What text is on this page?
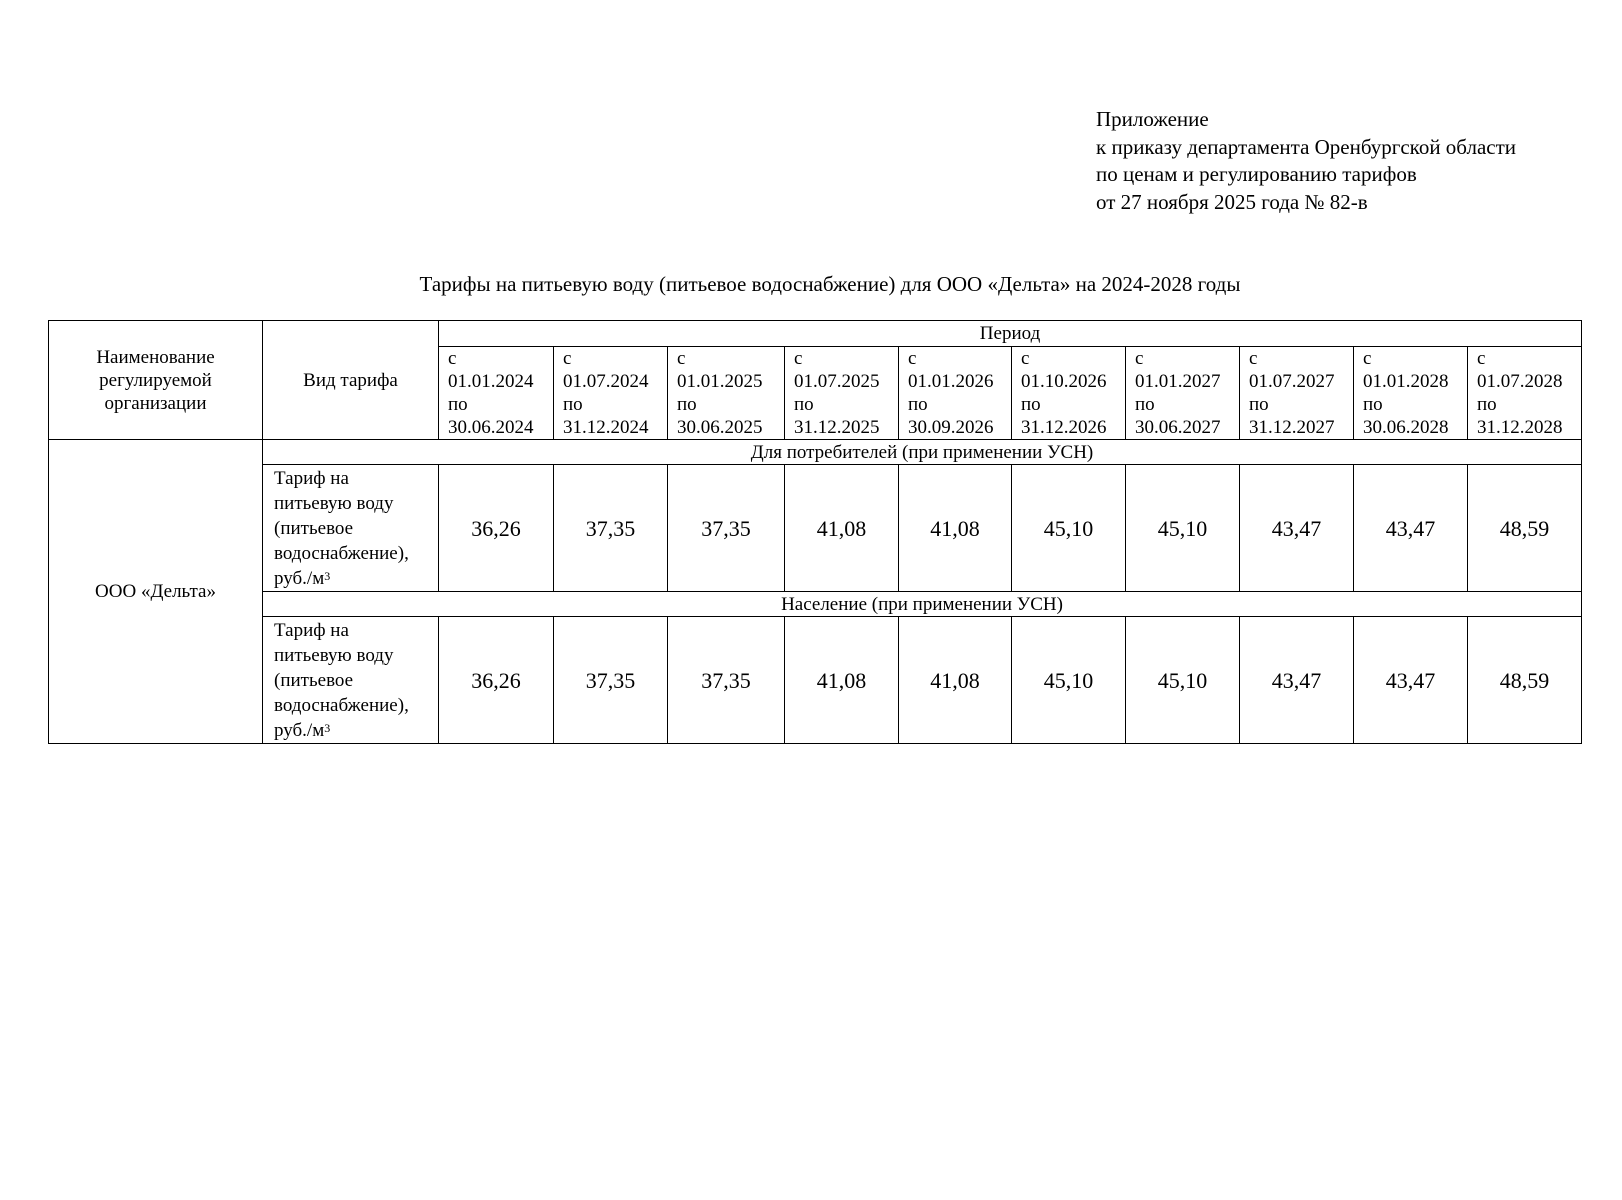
Приложение
к приказу департамента Оренбургской области
по ценам и регулированию тарифов
от 27 ноября 2025 года № 82-в
Тарифы на питьевую воду (питьевое водоснабжение) для ООО «Дельта» на 2024-2028 годы
Наименование
регулируемой
организации	Вид тарифа	Период									

		с
01.01.2024
по
30.06.2024	с
01.07.2024
по
31.12.2024	с
01.01.2025
по
30.06.2025	с
01.07.2025
по
31.12.2025	с
01.01.2026
по
30.09.2026	с
01.10.2026
по
31.12.2026	с
01.01.2027
по
30.06.2027	с
01.07.2027
по
31.12.2027	с
01.01.2028
по
30.06.2028	с
01.07.2028
по
31.12.2028

ООО «Дельта»	Для потребителей (при применении УСН)										

	Тариф на
питьевую воду
(питьевое
водоснабжение),
$руб./м^3$	36,26	37,35	37,35	41,08	41,08	45,10	45,10	43,47	43,47	48,59
	Население (при применении УСН)										

	Тариф на
питьевую воду
(питьевое
водоснабжение),
$руб./м^3$	36,26	37,35	37,35	41,08	41,08	45,10	45,10	43,47	43,47	48,59
